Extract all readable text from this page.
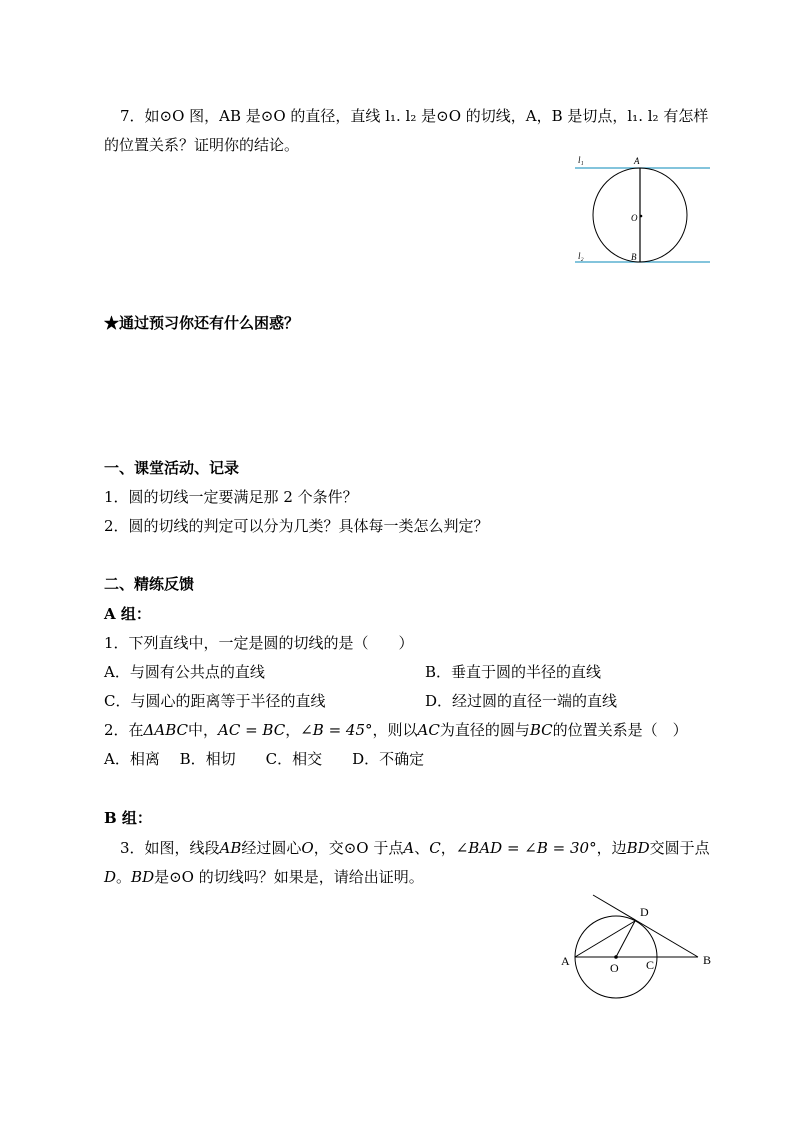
7．如⊙O 图，AB 是⊙O 的直径，直线 l₁. l₂ 是⊙O 的切线，A，B 是切点，l₁. l₂ 有怎样
的位置关系？证明你的结论。
l₁
l₂
A
B
O
★通过预习你还有什么困惑？
一、课堂活动、记录
1．圆的切线一定要满足那 2 个条件？
2．圆的切线的判定可以分为几类？具体每一类怎么判定？
二、精练反馈
A 组：
1．下列直线中，一定是圆的切线的是（　　）
A．与圆有公共点的直线	B．垂直于圆的半径的直线
C．与圆心的距离等于半径的直线	D．经过圆的直径一端的直线
2．在ΔABC中，AC = BC，∠B = 45°，则以AC为直径的圆与BC的位置关系是（　）
A．相离　 B．相切　　C．相交　　D．不确定
B 组：
3．如图，线段AB经过圆心O，交⊙O 于点A、C，∠BAD = ∠B = 30°，边BD交圆于点
D。BD是⊙O 的切线吗？如果是，请给出证明。
A	O C	B
D
